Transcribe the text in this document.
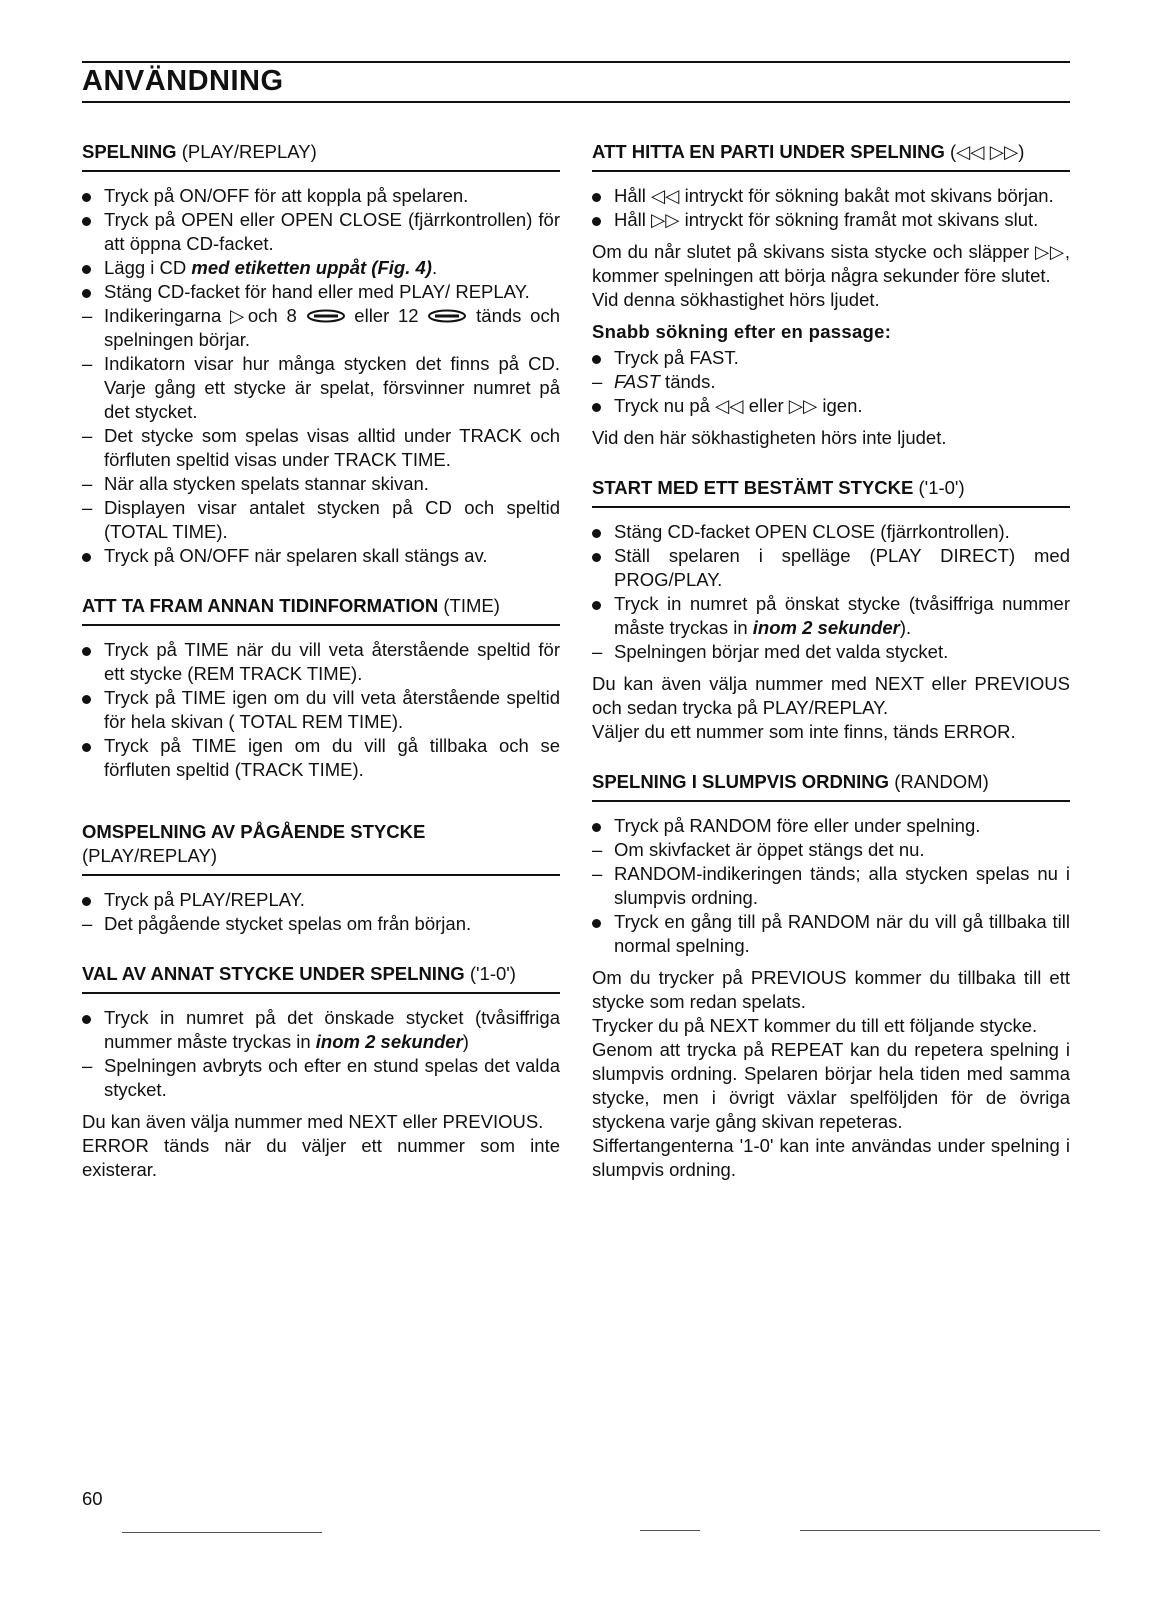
ANVÄNDNING
SPELNING (PLAY/REPLAY)
Tryck på ON/OFF för att koppla på spelaren.
Tryck på OPEN eller OPEN CLOSE (fjärrkontrollen) för att öppna CD-facket.
Lägg i CD med etiketten uppåt (Fig. 4).
Stäng CD-facket för hand eller med PLAY/ REPLAY.
–
Indikeringarna ▷och 8  eller 12  tänds och spelningen börjar.
–
Indikatorn visar hur många stycken det finns på CD. Varje gång ett stycke är spelat, försvinner numret på det stycket.
–
Det stycke som spelas visas alltid under TRACK och förfluten speltid visas under TRACK TIME.
–
När alla stycken spelats stannar skivan.
–
Displayen visar antalet stycken på CD och speltid (TOTAL TIME).
Tryck på ON/OFF när spelaren skall stängs av.
ATT TA FRAM ANNAN TIDINFORMATION (TIME)
Tryck på TIME när du vill veta återstående speltid för ett stycke (REM TRACK TIME).
Tryck på TIME igen om du vill veta återstående speltid för hela skivan ( TOTAL REM TIME).
Tryck på TIME igen om du vill gå tillbaka och se förfluten speltid (TRACK TIME).
OMSPELNING AV PÅGÅENDE STYCKE
(PLAY/REPLAY)
Tryck på PLAY/REPLAY.
–
Det pågående stycket spelas om från början.
VAL AV ANNAT STYCKE UNDER SPELNING ('1-0')
Tryck in numret på det önskade stycket (tvåsiffriga nummer måste tryckas in inom 2 sekunder)
–
Spelningen avbryts och efter en stund spelas det valda stycket.

Du kan även välja nummer med NEXT eller PREVIOUS.

ERROR tänds när du väljer ett nummer som inte existerar.

ATT HITTA EN PARTI UNDER SPELNING (◁◁ ▷▷)
Håll ◁◁ intryckt för sökning bakåt mot skivans början.
Håll ▷▷ intryckt för sökning framåt mot skivans slut.

Om du når slutet på skivans sista stycke och släpper ▷▷, kommer spelningen att börja några sekunder före slutet.

Vid denna sökhastighet hörs ljudet.

Snabb sökning efter en passage:

Tryck på FAST.
–
FAST tänds.
Tryck nu på ◁◁ eller ▷▷ igen.

Vid den här sökhastigheten hörs inte ljudet.

START MED ETT BESTÄMT STYCKE ('1-0')
Stäng CD-facket OPEN CLOSE (fjärrkontrollen).
Ställ spelaren i spelläge (PLAY DIRECT) med PROG/PLAY.
Tryck in numret på önskat stycke (tvåsiffriga nummer måste tryckas in inom 2 sekunder).
–
Spelningen börjar med det valda stycket.

Du kan även välja nummer med NEXT eller PREVIOUS och sedan trycka på PLAY/REPLAY.

Väljer du ett nummer som inte finns, tänds ERROR.

SPELNING I SLUMPVIS ORDNING (RANDOM)
Tryck på RANDOM före eller under spelning.
–
Om skivfacket är öppet stängs det nu.
–
RANDOM-indikeringen tänds; alla stycken spelas nu i slumpvis ordning.
Tryck en gång till på RANDOM när du vill gå tillbaka till normal spelning.

Om du trycker på PREVIOUS kommer du tillbaka till ett stycke som redan spelats.

Trycker du på NEXT kommer du till ett följande stycke.

Genom att trycka på REPEAT kan du repetera spelning i slumpvis ordning. Spelaren börjar hela tiden med samma stycke, men i övrigt växlar spelföljden för de övriga styckena varje gång skivan repeteras.

Siffertangenterna '1-0' kan inte användas under spelning i slumpvis ordning.

60
